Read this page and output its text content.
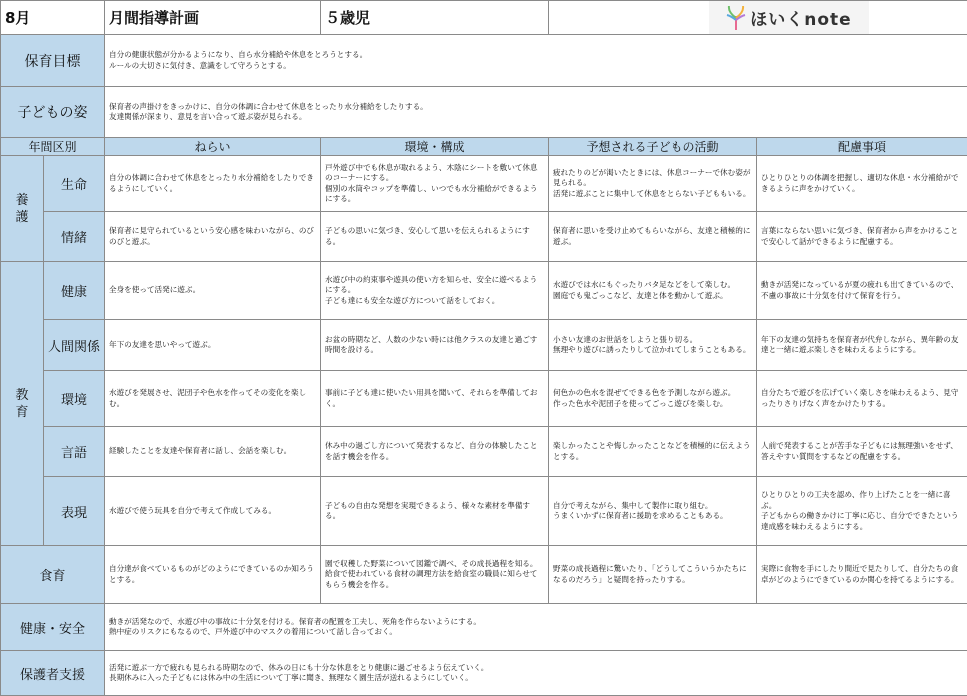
8月		月間指導計画	５歳児	ほいくnote	

保育目標		自分の健康状態が分かるようになり、自ら水分補給や休息をとろうとする。
ルールの大切さに気付き、意識をして守ろうとする。			
子どもの姿		保育者の声掛けをきっかけに、自分の体調に合わせて休息をとったり水分補給をしたりする。
友達関係が深まり、意見を言い合って遊ぶ姿が見られる。			
年間区別		ねらい	環境・構成	予想される子どもの活動	配慮事項
養
護	生命	自分の体調に合わせて休息をとったり水分補給をしたりできるようにしていく。	戸外遊び中でも休息が取れるよう、木陰にシートを敷いて休息のコーナーにする。
個別の水筒やコップを準備し、いつでも水分補給ができるようにする。	疲れたりのどが渇いたときには、休息コーナーで休む姿が見られる。
活発に遊ぶことに集中して休息をとらない子どももいる。	ひとりひとりの体調を把握し、適切な休息・水分補給ができるように声をかけていく。
	情緒	保育者に見守られているという安心感を味わいながら、のびのびと遊ぶ。	子どもの思いに気づき、安心して思いを伝えられるようにする。	保育者に思いを受け止めてもらいながら、友達と積極的に遊ぶ。	言葉にならない思いに気づき、保育者から声をかけることで安心して話ができるように配慮する。
教
育	健康	全身を使って活発に遊ぶ。	水遊び中の約束事や遊具の使い方を知らせ、安全に遊べるようにする。
子ども達にも安全な遊び方について話をしておく。	水遊びでは水にもぐったりバタ足などをして楽しむ。
園庭でも鬼ごっこなど、友達と体を動かして遊ぶ。	動きが活発になっているが夏の疲れも出てきているので、不慮の事故に十分気を付けて保育を行う。
	人間関係	年下の友達を思いやって遊ぶ。	お盆の時期など、人数の少ない時には他クラスの友達と過ごす時間を設ける。	小さい友達のお世話をしようと張り切る。
無理やり遊びに誘ったりして泣かれてしまうこともある。	年下の友達の気持ちを保育者が代弁しながら、異年齢の友達と一緒に遊ぶ楽しさを味わえるようにする。
	環境	水遊びを発展させ、泥団子や色水を作ってその変化を楽しむ。	事前に子ども達に使いたい用具を聞いて、それらを準備しておく。	何色かの色水を混ぜてできる色を予測しながら遊ぶ。
作った色水や泥団子を使ってごっこ遊びを楽しむ。	自分たちで遊びを広げていく楽しさを味わえるよう、見守ったりさりげなく声をかけたりする。
	言語	経験したことを友達や保育者に話し、会話を楽しむ。	休み中の過ごし方について発表するなど、自分の体験したことを話す機会を作る。	楽しかったことや悔しかったことなどを積極的に伝えようとする。	人前で発表することが苦手な子どもには無理強いをせず、答えやすい質問をするなどの配慮をする。
	表現	水遊びで使う玩具を自分で考えて作成してみる。	子どもの自由な発想を実現できるよう、様々な素材を準備する。	自分で考えながら、集中して製作に取り組む。
うまくいかずに保育者に援助を求めることもある。	ひとりひとりの工夫を認め、作り上げたことを一緒に喜ぶ。
子どもからの働きかけに丁寧に応じ、自分でできたという達成感を味わえるようにする。
食育		自分達が食べているものがどのようにできているのか知ろうとする。	園で収穫した野菜について図鑑で調べ、その成長過程を知る。
給食で使われている食材の調理方法を給食室の職員に知らせてもらう機会を作る。	野菜の成長過程に驚いたり、「どうしてこういうかたちになるのだろう」と疑問を持ったりする。	実際に食物を手にしたり間近で見たりして、自分たちの食卓がどのようにできているのか関心を持てるようにする。
健康・安全		動きが活発なので、水遊び中の事故に十分気を付ける。保育者の配置を工夫し、死角を作らないようにする。
熱中症のリスクにもなるので、戸外遊び中のマスクの着用について話し合っておく。			
保護者支援		活発に遊ぶ一方で疲れも見られる時期なので、休みの日にも十分な休息をとり健康に過ごせるよう伝えていく。
長期休みに入った子どもには休み中の生活について丁寧に聞き、無理なく園生活が送れるようにしていく。			
